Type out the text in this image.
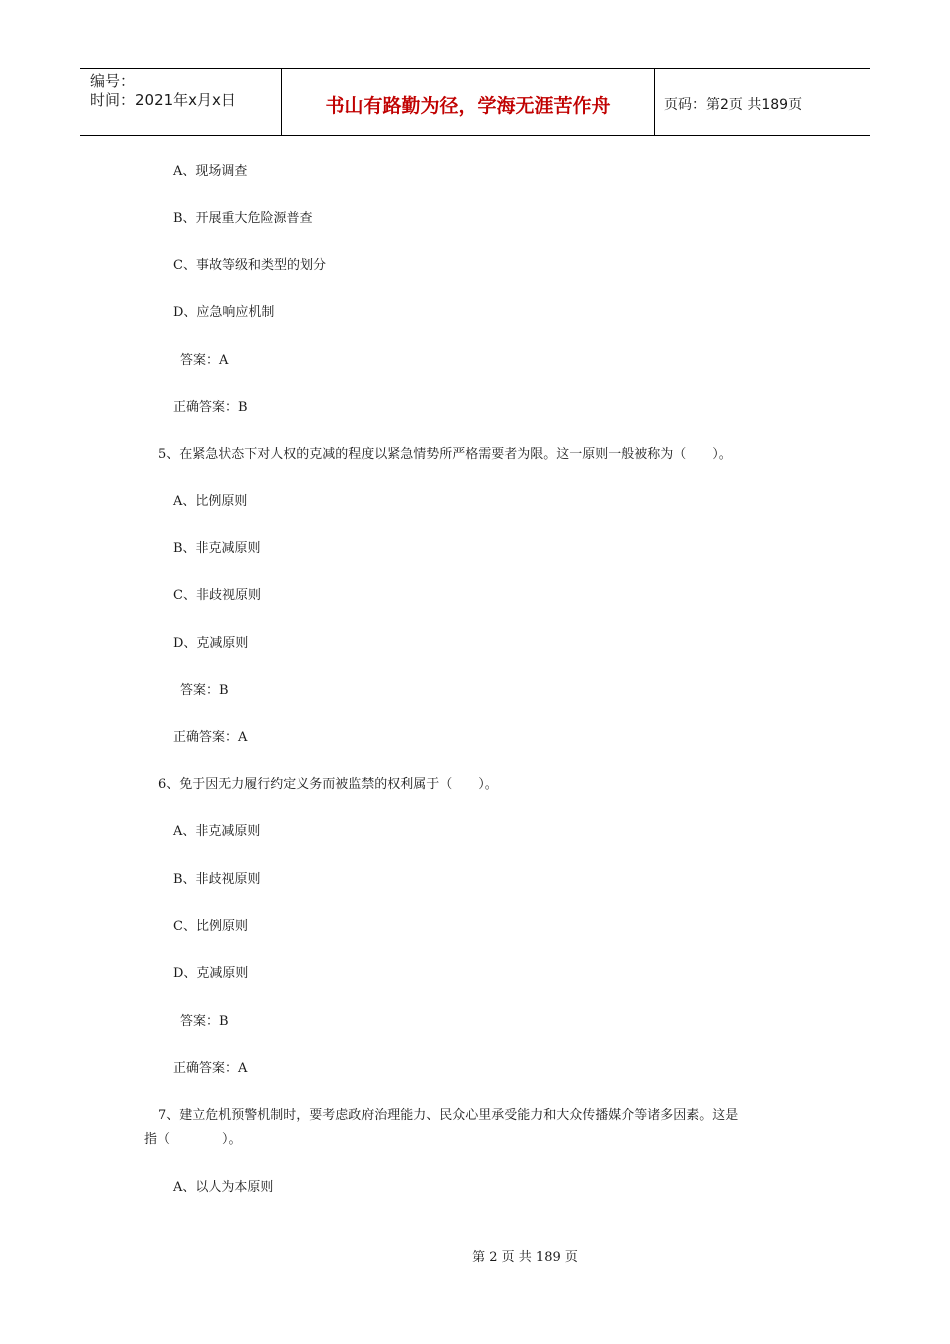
编号：
时间：2021年x月x日	书山有路勤为径，学海无涯苦作舟	页码：第2页 共189页
A、现场调查
B、开展重大危险源普查
C、事故等级和类型的划分
D、应急响应机制
答案：A
正确答案：B
5、在紧急状态下对人权的克减的程度以紧急情势所严格需要者为限。这一原则一般被称为（　　）。
A、比例原则
B、非克减原则
C、非歧视原则
D、克减原则
答案：B
正确答案：A
6、免于因无力履行约定义务而被监禁的权利属于（　　）。
A、非克减原则
B、非歧视原则
C、比例原则
D、克减原则
答案：B
正确答案：A
7、建立危机预警机制时，要考虑政府治理能力、民众心里承受能力和大众传播媒介等诸多因素。这是
指（　　　　）。
A、以人为本原则
第 2 页 共 189 页
